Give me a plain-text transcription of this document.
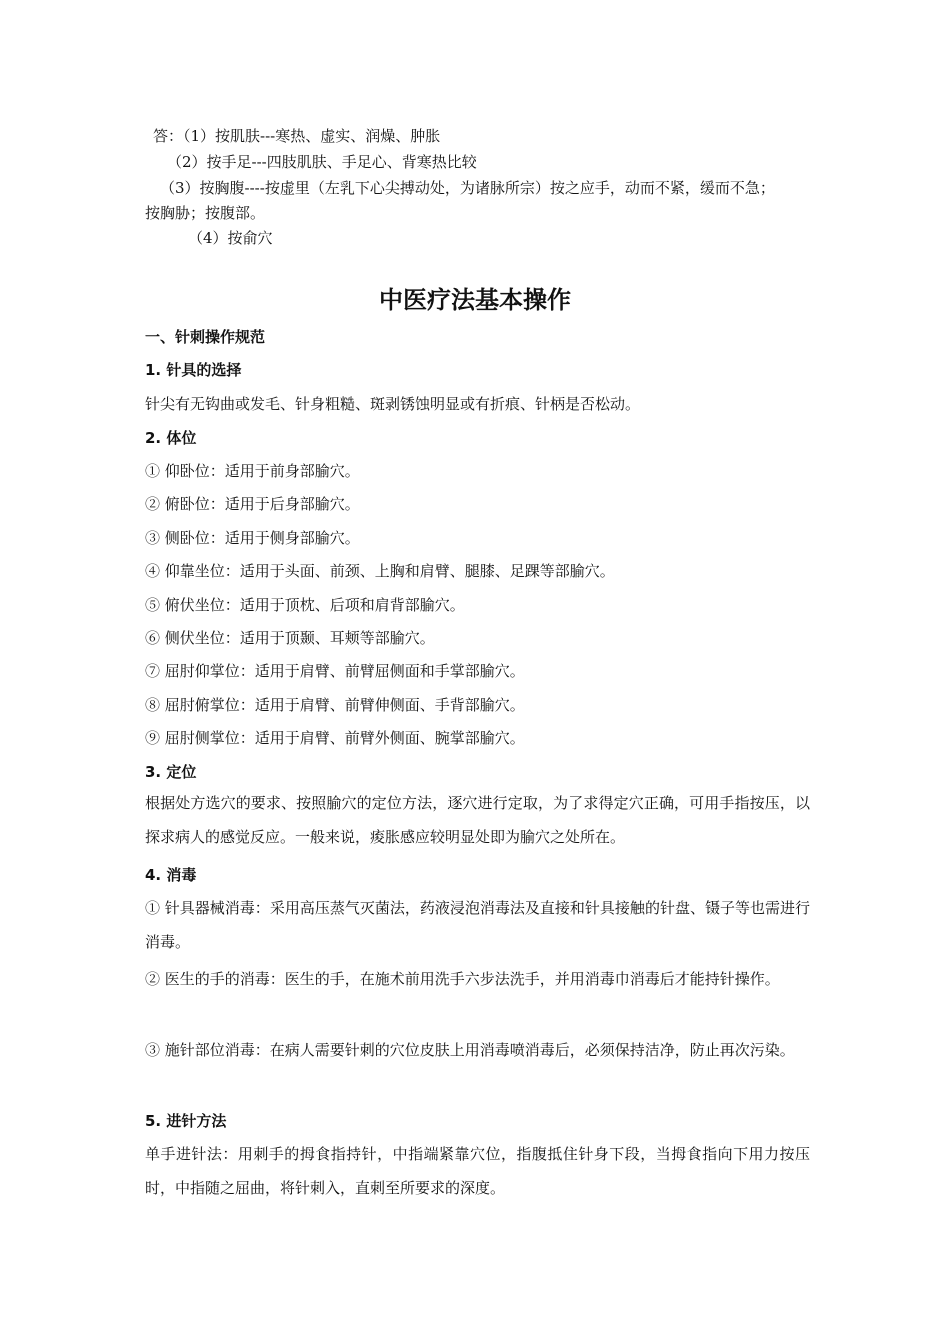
答：（1）按肌肤---寒热、虚实、润燥、肿胀
（2）按手足---四肢肌肤、手足心、背寒热比较
（3）按胸腹----按虚里（左乳下心尖搏动处，为诸脉所宗）按之应手，动而不紧，缓而不急；
按胸胁；按腹部。
（4）按俞穴
中医疗法基本操作
一、针刺操作规范
1. 针具的选择
针尖有无钩曲或发毛、针身粗糙、斑剥锈蚀明显或有折痕、针柄是否松动。
2. 体位
① 仰卧位：适用于前身部腧穴。
② 俯卧位：适用于后身部腧穴。
③ 侧卧位：适用于侧身部腧穴。
④ 仰靠坐位：适用于头面、前颈、上胸和肩臂、腿膝、足踝等部腧穴。
⑤ 俯伏坐位：适用于顶枕、后项和肩背部腧穴。
⑥ 侧伏坐位：适用于顶颞、耳颊等部腧穴。
⑦ 屈肘仰掌位：适用于肩臂、前臂屈侧面和手掌部腧穴。
⑧ 屈肘俯掌位：适用于肩臂、前臂伸侧面、手背部腧穴。
⑨ 屈肘侧掌位：适用于肩臂、前臂外侧面、腕掌部腧穴。
3. 定位
根据处方选穴的要求、按照腧穴的定位方法，逐穴进行定取，为了求得定穴正确，可用手指按压，以探求病人的感觉反应。一般来说，痠胀感应较明显处即为腧穴之处所在。
4. 消毒
① 针具器械消毒：采用高压蒸气灭菌法，药液浸泡消毒法及直接和针具接触的针盘、镊子等也需进行消毒。
② 医生的手的消毒：医生的手，在施术前用洗手六步法洗手，并用消毒巾消毒后才能持针操作。
③ 施针部位消毒：在病人需要针刺的穴位皮肤上用消毒喷消毒后，必须保持洁净，防止再次污染。
5. 进针方法
单手进针法：用刺手的拇食指持针，中指端紧靠穴位，指腹抵住针身下段，当拇食指向下用力按压时，中指随之屈曲，将针刺入，直刺至所要求的深度。
